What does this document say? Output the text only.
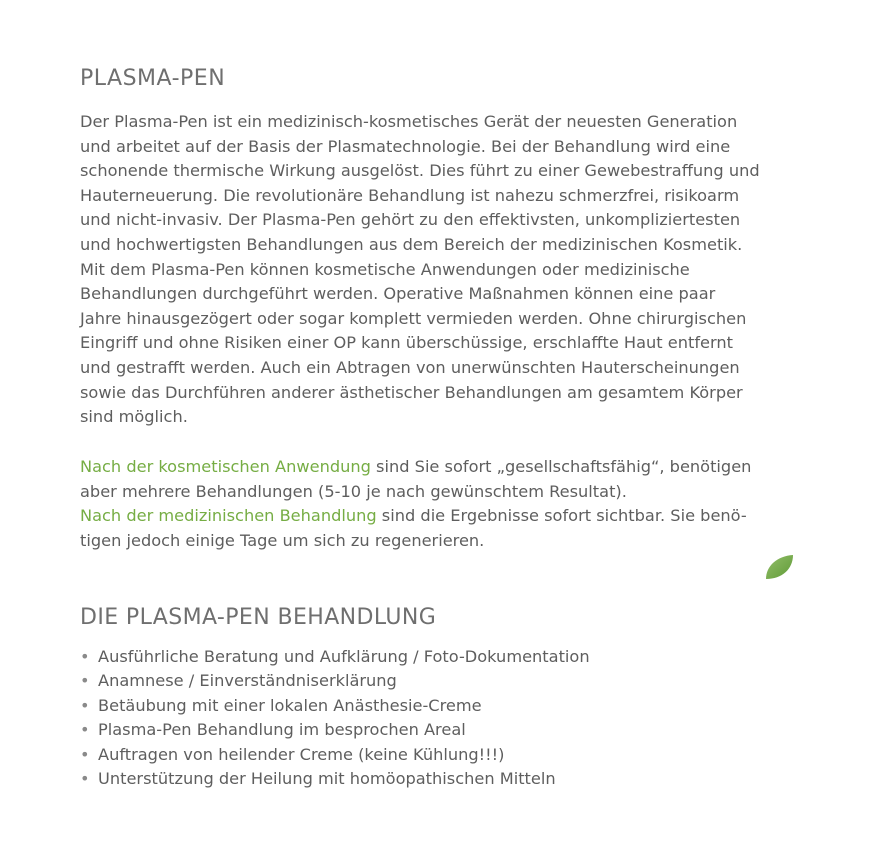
PLASMA-PEN
Der Plasma-Pen ist ein medizinisch-kosmetisches Gerät der neuesten Generation
und arbeitet auf der Basis der Plasmatechnologie. Bei der Behandlung wird eine
schonende thermische Wirkung ausgelöst. Dies führt zu einer Gewebestraffung und
Hauterneuerung. Die revolutionäre Behandlung ist nahezu schmerzfrei, risikoarm
und nicht-invasiv. Der Plasma-Pen gehört zu den effektivsten, unkompliziertesten
und hochwertigsten Behandlungen aus dem Bereich der medizinischen Kosmetik.
Mit dem Plasma-Pen können kosmetische Anwendungen oder medizinische
Behandlungen durchgeführt werden. Operative Maßnahmen können eine paar
Jahre hinausgezögert oder sogar komplett vermieden werden. Ohne chirurgischen
Eingriff und ohne Risiken einer OP kann überschüssige, erschlaffte Haut entfernt
und gestrafft werden. Auch ein Abtragen von unerwünschten Hauterscheinungen
sowie das Durchführen anderer ästhetischer Behandlungen am gesamtem Körper
sind möglich.

Nach der kosmetischen Anwendung sind Sie sofort „gesellschaftsfähig“, benötigen

aber mehrere Behandlungen (5-10 je nach gewünschtem Resultat).

Nach der medizinischen Behandlung sind die Ergebnisse sofort sichtbar. Sie benö-

tigen jedoch einige Tage um sich zu regenerieren.

DIE PLASMA-PEN BEHANDLUNG
• Ausführliche Beratung und Aufklärung / Foto-Dokumentation
• Anamnese / Einverständniserklärung
• Betäubung mit einer lokalen Anästhesie-Creme
• Plasma-Pen Behandlung im besprochen Areal
• Auftragen von heilender Creme (keine Kühlung!!!)
• Unterstützung der Heilung mit homöopathischen Mitteln
